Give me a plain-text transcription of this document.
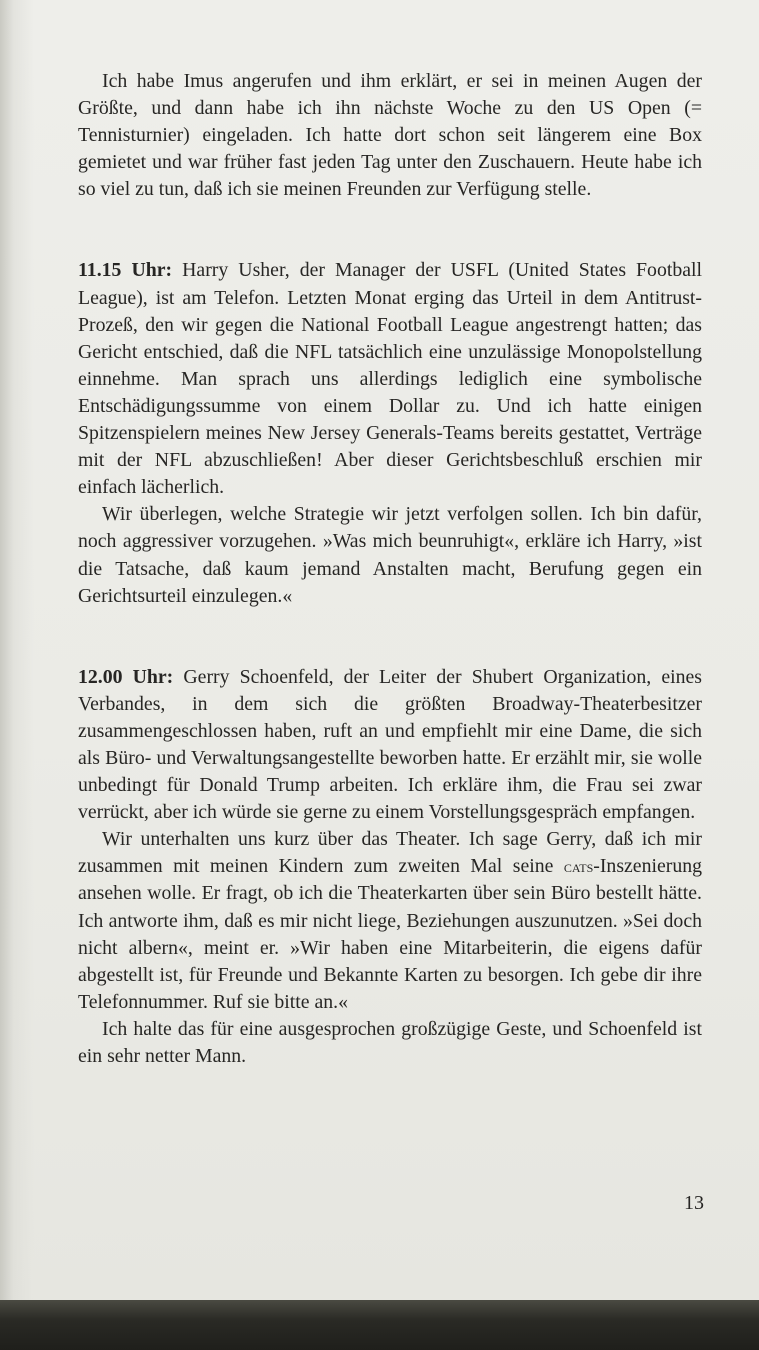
Ich habe Imus angerufen und ihm erklärt, er sei in meinen Augen der Größte, und dann habe ich ihn nächste Woche zu den US Open (= Tennisturnier) eingeladen. Ich hatte dort schon seit längerem eine Box gemietet und war früher fast jeden Tag unter den Zuschauern. Heute habe ich so viel zu tun, daß ich sie meinen Freunden zur Verfügung stelle.

11.15 Uhr: Harry Usher, der Manager der USFL (United States Football League), ist am Telefon. Letzten Monat erging das Urteil in dem Antitrust-Prozeß, den wir gegen die National Football League angestrengt hatten; das Gericht entschied, daß die NFL tatsächlich eine unzulässige Monopolstellung einnehme. Man sprach uns allerdings lediglich eine symbolische Entschädigungssumme von einem Dollar zu. Und ich hatte einigen Spitzenspielern meines New Jersey Generals-Teams bereits gestattet, Verträge mit der NFL abzuschließen! Aber dieser Gerichtsbeschluß erschien mir einfach lächerlich.

Wir überlegen, welche Strategie wir jetzt verfolgen sollen. Ich bin dafür, noch aggressiver vorzugehen. »Was mich beunruhigt«, erkläre ich Harry, »ist die Tatsache, daß kaum jemand Anstalten macht, Berufung gegen ein Gerichtsurteil einzulegen.«

12.00 Uhr: Gerry Schoenfeld, der Leiter der Shubert Organization, eines Verbandes, in dem sich die größten Broadway-Theaterbesitzer zusammengeschlossen haben, ruft an und empfiehlt mir eine Dame, die sich als Büro- und Verwaltungsangestellte beworben hatte. Er erzählt mir, sie wolle unbedingt für Donald Trump arbeiten. Ich erkläre ihm, die Frau sei zwar verrückt, aber ich würde sie gerne zu einem Vorstellungsgespräch empfangen.

Wir unterhalten uns kurz über das Theater. Ich sage Gerry, daß ich mir zusammen mit meinen Kindern zum zweiten Mal seine cats-Inszenierung ansehen wolle. Er fragt, ob ich die Theaterkarten über sein Büro bestellt hätte. Ich antworte ihm, daß es mir nicht liege, Beziehungen auszunutzen. »Sei doch nicht albern«, meint er. »Wir haben eine Mitarbeiterin, die eigens dafür abgestellt ist, für Freunde und Bekannte Karten zu besorgen. Ich gebe dir ihre Telefonnummer. Ruf sie bitte an.«

Ich halte das für eine ausgesprochen großzügige Geste, und Schoenfeld ist ein sehr netter Mann.

13
